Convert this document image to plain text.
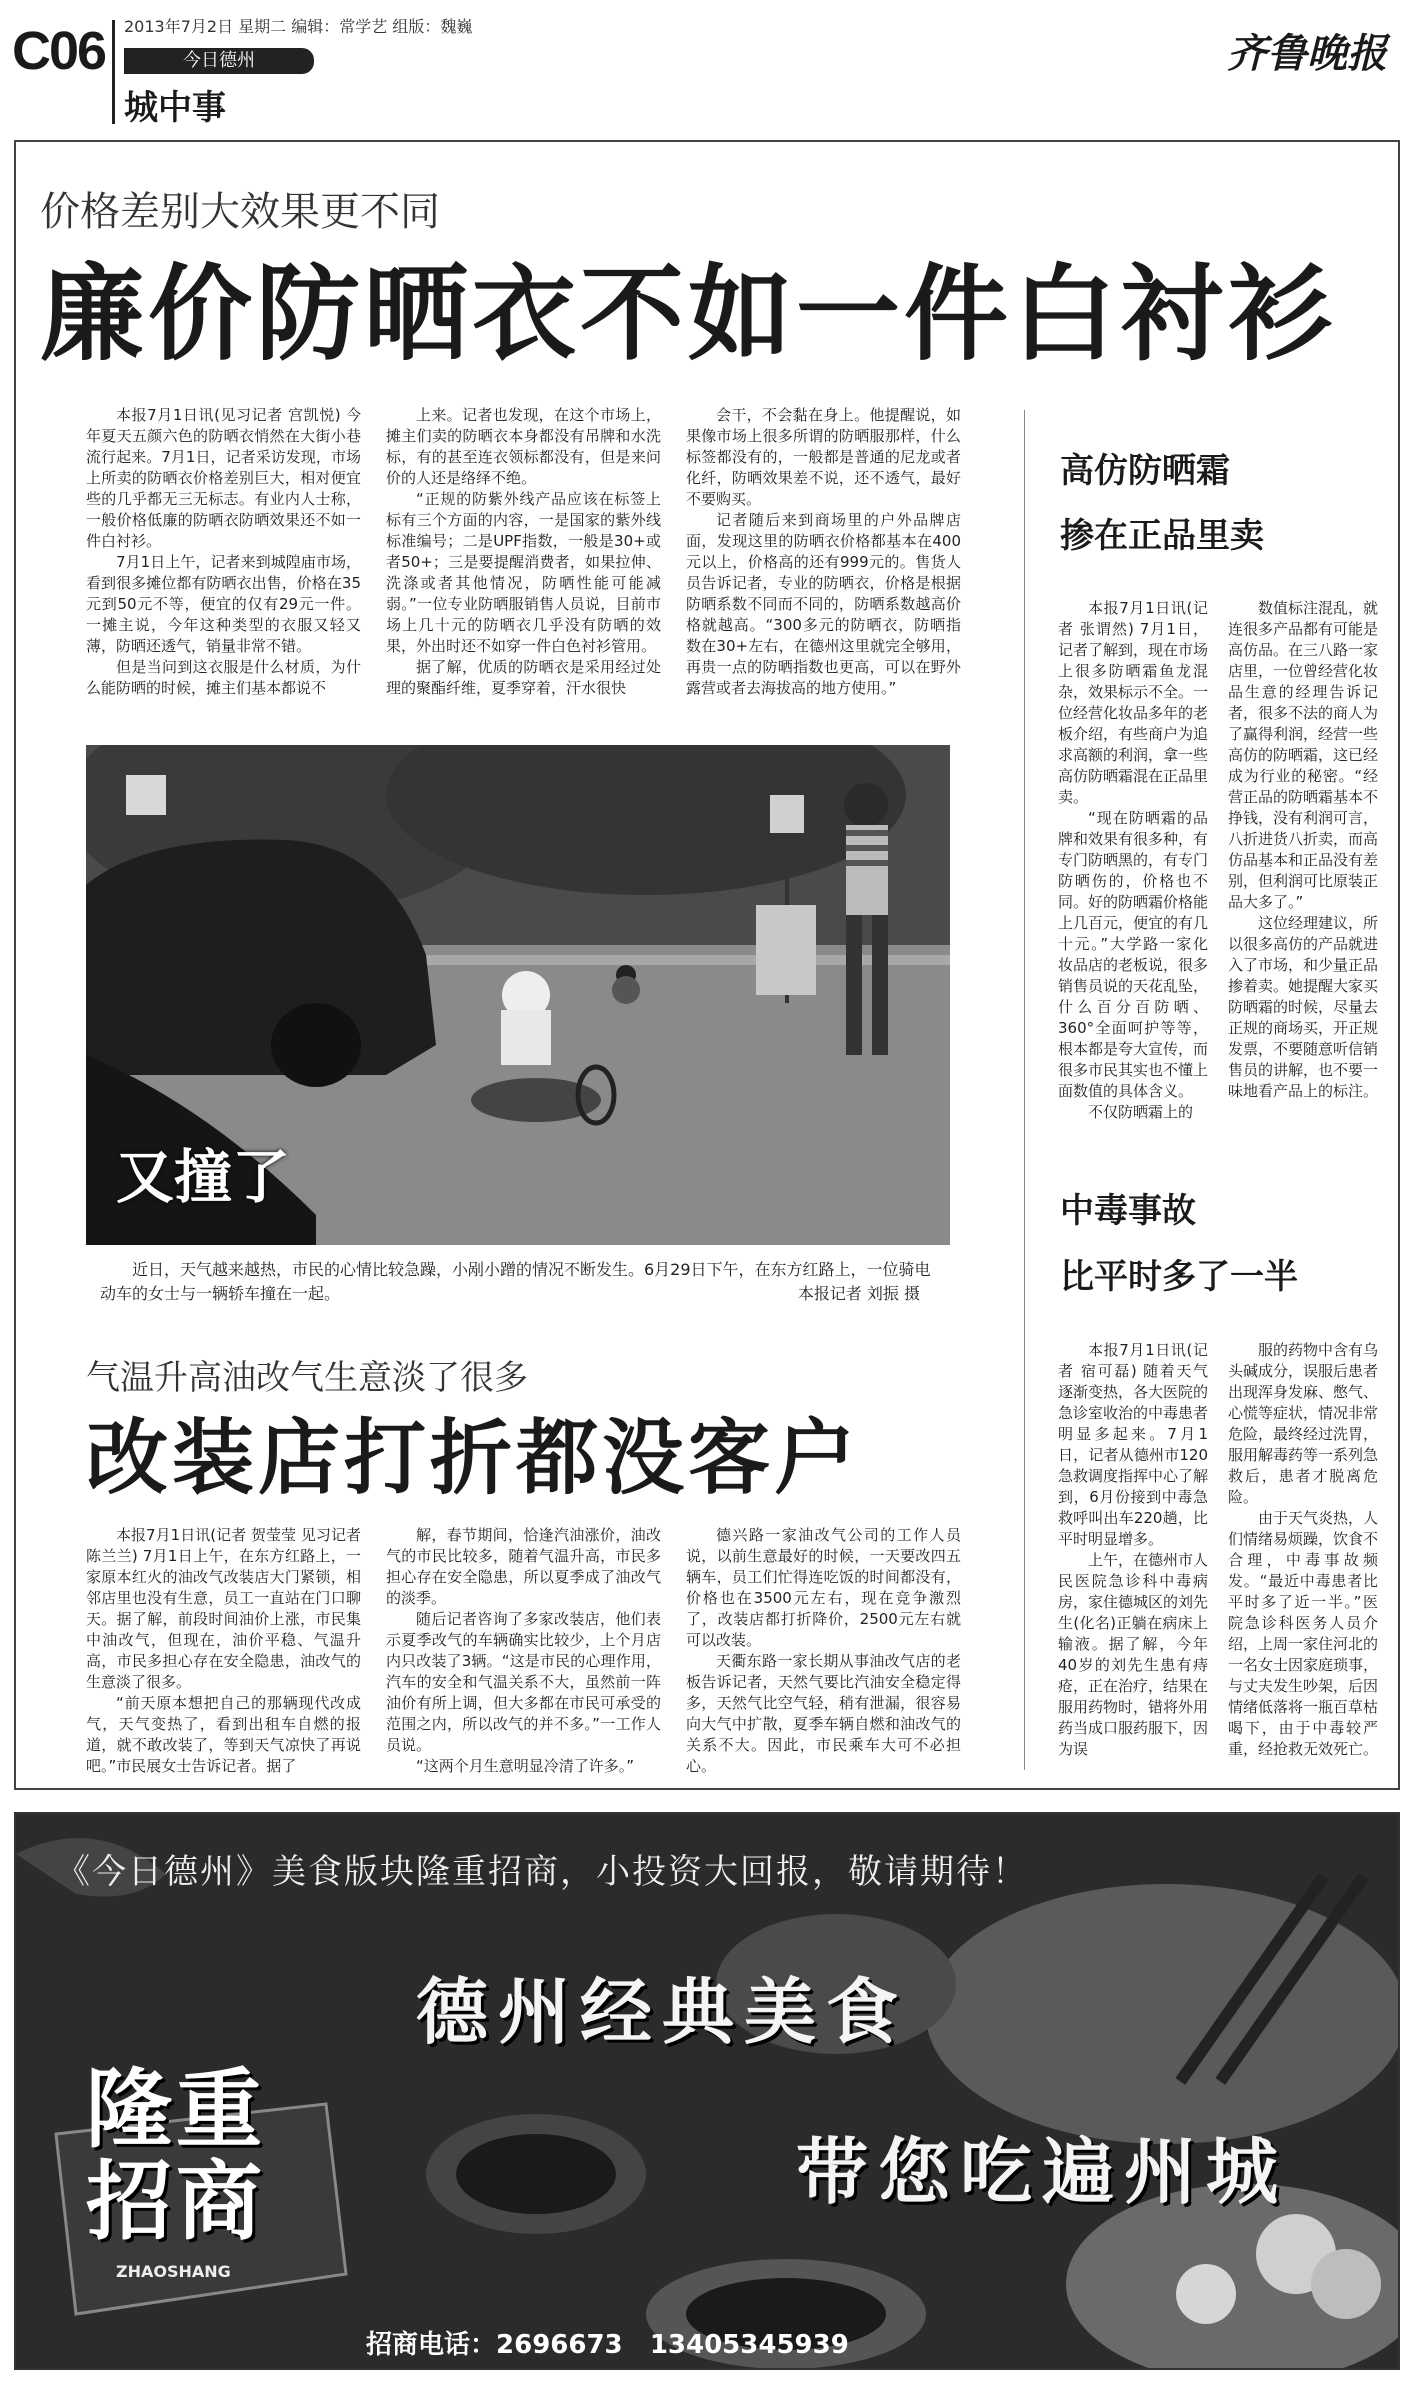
C06 2013年7月2日 星期二 编辑：常学艺 组版：魏巍
今日德州
城中事
齐鲁晚报
价格差别大效果更不同
廉价防晒衣不如一件白衬衫

本报7月1日讯(见习记者 宫凯悦) 今年夏天五颜六色的防晒衣悄然在大街小巷流行起来。7月1日，记者采访发现，市场上所卖的防晒衣价格差别巨大，相对便宜些的几乎都无三无标志。有业内人士称，一般价格低廉的防晒衣防晒效果还不如一件白衬衫。

7月1日上午，记者来到城隍庙市场，看到很多摊位都有防晒衣出售，价格在35元到50元不等，便宜的仅有29元一件。一摊主说，今年这种类型的衣服又轻又薄，防晒还透气，销量非常不错。

但是当问到这衣服是什么材质，为什么能防晒的时候，摊主们基本都说不

上来。记者也发现，在这个市场上，摊主们卖的防晒衣本身都没有吊牌和水洗标，有的甚至连衣领标都没有，但是来问价的人还是络绎不绝。

“正规的防紫外线产品应该在标签上标有三个方面的内容，一是国家的紫外线标准编号；二是UPF指数，一般是30+或者50+；三是要提醒消费者，如果拉伸、洗涤或者其他情况，防晒性能可能减弱。”一位专业防晒服销售人员说，目前市场上几十元的防晒衣几乎没有防晒的效果，外出时还不如穿一件白色衬衫管用。

据了解，优质的防晒衣是采用经过处理的聚酯纤维，夏季穿着，汗水很快

会干，不会黏在身上。他提醒说，如果像市场上很多所谓的防晒服那样，什么标签都没有的，一般都是普通的尼龙或者化纤，防晒效果差不说，还不透气，最好不要购买。

记者随后来到商场里的户外品牌店面，发现这里的防晒衣价格都基本在400元以上，价格高的还有999元的。售货人员告诉记者，专业的防晒衣，价格是根据防晒系数不同而不同的，防晒系数越高价格就越高。“300多元的防晒衣，防晒指数在30+左右，在德州这里就完全够用，再贵一点的防晒指数也更高，可以在野外露营或者去海拔高的地方使用。”

又撞了
近日，天气越来越热，市民的心情比较急躁，小剐小蹭的情况不断发生。6月29日下午，在东方红路上，一位骑电动车的女士与一辆轿车撞在一起。	本报记者 刘振 摄
高仿防晒霜
掺在正品里卖

本报7月1日讯(记者 张谓然) 7月1日，记者了解到，现在市场上很多防晒霜鱼龙混杂，效果标示不全。一位经营化妆品多年的老板介绍，有些商户为追求高额的利润，拿一些高仿防晒霜混在正品里卖。

“现在防晒霜的品牌和效果有很多种，有专门防晒黑的，有专门防晒伤的，价格也不同。好的防晒霜价格能上几百元，便宜的有几十元。”大学路一家化妆品店的老板说，很多销售员说的天花乱坠，什么百分百防晒、360°全面呵护等等，根本都是夸大宣传，而很多市民其实也不懂上面数值的具体含义。

不仅防晒霜上的

数值标注混乱，就连很多产品都有可能是高仿品。在三八路一家店里，一位曾经营化妆品生意的经理告诉记者，很多不法的商人为了赢得利润，经营一些高仿的防晒霜，这已经成为行业的秘密。“经营正品的防晒霜基本不挣钱，没有利润可言，八折进货八折卖，而高仿品基本和正品没有差别，但利润可比原装正品大多了。”

这位经理建议，所以很多高仿的产品就进入了市场，和少量正品掺着卖。她提醒大家买防晒霜的时候，尽量去正规的商场买，开正规发票，不要随意听信销售员的讲解，也不要一味地看产品上的标注。

中毒事故
比平时多了一半

本报7月1日讯(记者 宿可磊) 随着天气逐渐变热，各大医院的急诊室收治的中毒患者明显多起来。7月1日，记者从德州市120急救调度指挥中心了解到，6月份接到中毒急救呼叫出车220趟，比平时明显增多。

上午，在德州市人民医院急诊科中毒病房，家住德城区的刘先生(化名)正躺在病床上输液。据了解，今年40岁的刘先生患有痔疮，正在治疗，结果在服用药物时，错将外用药当成口服药服下，因为误

服的药物中含有乌头碱成分，误服后患者出现浑身发麻、憋气、心慌等症状，情况非常危险，最终经过洗胃，服用解毒药等一系列急救后，患者才脱离危险。

由于天气炎热，人们情绪易烦躁，饮食不合理，中毒事故频发。“最近中毒患者比平时多了近一半。”医院急诊科医务人员介绍，上周一家住河北的一名女士因家庭琐事，与丈夫发生吵架，后因情绪低落将一瓶百草枯喝下，由于中毒较严重，经抢救无效死亡。

气温升高油改气生意淡了很多
改装店打折都没客户

本报7月1日讯(记者 贺莹莹 见习记者 陈兰兰) 7月1日上午，在东方红路上，一家原本红火的油改气改装店大门紧锁，相邻店里也没有生意，员工一直站在门口聊天。据了解，前段时间油价上涨，市民集中油改气，但现在，油价平稳、气温升高，市民多担心存在安全隐患，油改气的生意淡了很多。

“前天原本想把自己的那辆现代改成气，天气变热了，看到出租车自燃的报道，就不敢改装了，等到天气凉快了再说吧。”市民展女士告诉记者。据了

解，春节期间，恰逢汽油涨价，油改气的市民比较多，随着气温升高，市民多担心存在安全隐患，所以夏季成了油改气的淡季。

随后记者咨询了多家改装店，他们表示夏季改气的车辆确实比较少，上个月店内只改装了3辆。“这是市民的心理作用，汽车的安全和气温关系不大，虽然前一阵油价有所上调，但大多都在市民可承受的范围之内，所以改气的并不多。”一工作人员说。

“这两个月生意明显冷清了许多。”

德兴路一家油改气公司的工作人员说，以前生意最好的时候，一天要改四五辆车，员工们忙得连吃饭的时间都没有，价格也在3500元左右，现在竞争激烈了，改装店都打折降价，2500元左右就可以改装。

天衢东路一家长期从事油改气店的老板告诉记者，天然气要比汽油安全稳定得多，天然气比空气轻，稍有泄漏，很容易向大气中扩散，夏季车辆自燃和油改气的关系不大。因此，市民乘车大可不必担心。

《今日德州》美食版块隆重招商，小投资大回报，敬请期待！
隆重招商
ZHAOSHANG
德州经典美食
带您吃遍州城
招商电话：2696673 13405345939
